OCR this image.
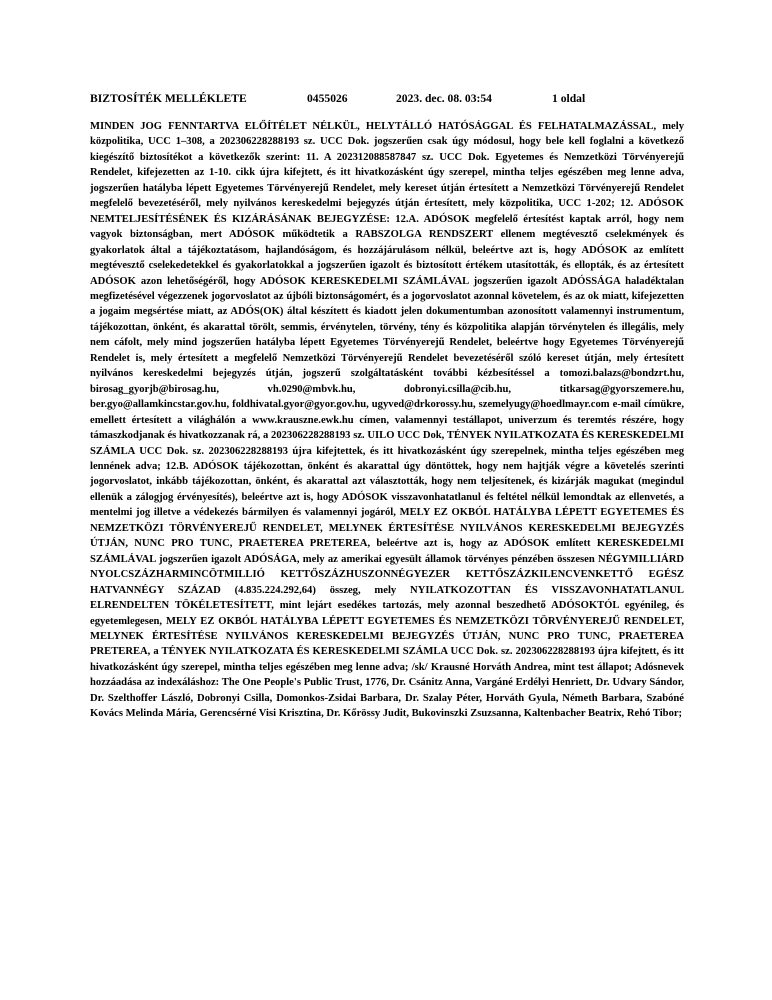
BIZTOSÍTÉK MELLÉKLETE	0455026	2023. dec. 08. 03:54	1 oldal

MINDEN JOG FENNTARTVA ELŐÍTÉLET NÉLKÜL, HELYTÁLLÓ HATÓSÁGGAL ÉS FELHATALMAZÁSSAL, mely közpolitika, UCC 1–308, a 202306228288193 sz. UCC Dok. jogszerűen csak úgy módosul, hogy bele kell foglalni a következő kiegészítő biztosítékot a következők szerint: 11. A 202312088587847 sz. UCC Dok. Egyetemes és Nemzetközi Törvényerejű Rendelet, kifejezetten az 1-10. cikk újra kifejtett, és itt hivatkozásként úgy szerepel, mintha teljes egészében meg lenne adva, jogszerűen hatályba lépett Egyetemes Törvényerejű Rendelet, mely kereset útján értesített a Nemzetközi Törvényerejű Rendelet megfelelő bevezetéséről, mely nyilvános kereskedelmi bejegyzés útján értesített, mely közpolitika, UCC 1-202; 12. ADÓSOK NEMTELJESÍTÉSÉNEK ÉS KIZÁRÁSÁNAK BEJEGYZÉSE: 12.A. ADÓSOK megfelelő értesítést kaptak arról, hogy nem vagyok biztonságban, mert ADÓSOK működtetik a RABSZOLGA RENDSZERT ellenem megtévesztő cselekmények és gyakorlatok által a tájékoztatásom, hajlandóságom, és hozzájárulásom nélkül, beleértve azt is, hogy ADÓSOK az említett megtévesztő cselekedetekkel és gyakorlatokkal a jogszerűen igazolt és biztosított értékem utasították, és ellopták, és az értesített ADÓSOK azon lehetőségéről, hogy ADÓSOK KERESKEDELMI SZÁMLÁVAL jogszerűen igazolt ADÓSSÁGA haladéktalan megfizetésével végezzenek jogorvoslatot az újbóli biztonságomért, és a jogorvoslatot azonnal követelem, és az ok miatt, kifejezetten a jogaim megsértése miatt, az ADÓS(OK) által készített és kiadott jelen dokumentumban azonosított valamennyi instrumentum, tájékozottan, önként, és akarattal törölt, semmis, érvénytelen, törvény, tény és közpolitika alapján törvénytelen és illegális, mely nem cáfolt, mely mind jogszerűen hatályba lépett Egyetemes Törvényerejű Rendelet, beleértve hogy Egyetemes Törvényerejű Rendelet is, mely értesített a megfelelő Nemzetközi Törvényerejű Rendelet bevezetéséről szóló kereset útján, mely értesített nyilvános kereskedelmi bejegyzés útján, jogszerű szolgáltatásként további kézbesítéssel a tomozi.balazs@bondzrt.hu, birosag_gyorjb@birosag.hu, vh.0290@mbvk.hu, dobronyi.csilla@cib.hu, titkarsag@gyorszemere.hu, ber.gyo@allamkincstar.gov.hu, foldhivatal.gyor@gyor.gov.hu, ugyved@drkorossy.hu, szemelyugy@hoedlmayr.com e-mail címükre, emellett értesített a világhálón a www.krauszne.ewk.hu címen, valamennyi testállapot, univerzum és teremtés részére, hogy támaszkodjanak és hivatkozzanak rá, a 202306228288193 sz. UILO UCC Dok, TÉNYEK NYILATKOZATA ÉS KERESKEDELMI SZÁMLA UCC Dok. sz. 202306228288193 újra kifejtettek, és itt hivatkozásként úgy szerepelnek, mintha teljes egészében meg lennének adva; 12.B. ADÓSOK tájékozottan, önként és akarattal úgy döntöttek, hogy nem hajtják végre a követelés szerinti jogorvoslatot, inkább tájékozottan, önként, és akarattal azt választották, hogy nem teljesítenek, és kizárják magukat (megindul ellenük a zálogjog érvényesítés), beleértve azt is, hogy ADÓSOK visszavonhatatlanul és feltétel nélkül lemondtak az ellenvetés, a mentelmi jog illetve a védekezés bármilyen és valamennyi jogáról, MELY EZ OKBÓL HATÁLYBA LÉPETT EGYETEMES ÉS NEMZETKÖZI TÖRVÉNYEREJŰ RENDELET, MELYNEK ÉRTESÍTÉSE NYILVÁNOS KERESKEDELMI BEJEGYZÉS ÚTJÁN, NUNC PRO TUNC, PRAETEREA PRETEREA, beleértve azt is, hogy az ADÓSOK említett KERESKEDELMI SZÁMLÁVAL jogszerűen igazolt ADÓSÁGA, mely az amerikai egyesült államok törvényes pénzében összesen NÉGYMILLIÁRD NYOLCSZÁZHARMINCÖTMILLIÓ KETTŐSZÁZHUSZONNÉGYEZER KETTŐSZÁZKILENCVENKETTŐ EGÉSZ HATVANNÉGY SZÁZAD (4.835.224.292,64) összeg, mely NYILATKOZOTTAN ÉS VISSZAVONHATATLANUL ELRENDELTEN TÖKÉLETESÍTETT, mint lejárt esedékes tartozás, mely azonnal beszedhető ADÓSOKTÓL egyénileg, és egyetemlegesen, MELY EZ OKBÓL HATÁLYBA LÉPETT EGYETEMES ÉS NEMZETKÖZI TÖRVÉNYEREJŰ RENDELET, MELYNEK ÉRTESÍTÉSE NYILVÁNOS KERESKEDELMI BEJEGYZÉS ÚTJÁN, NUNC PRO TUNC, PRAETEREA PRETEREA, a TÉNYEK NYILATKOZATA ÉS KERESKEDELMI SZÁMLA UCC Dok. sz. 202306228288193 újra kifejtett, és itt hivatkozásként úgy szerepel, mintha teljes egészében meg lenne adva; /sk/ Krausné Horváth Andrea, mint test állapot; Adósnevek hozzáadása az indexáláshoz: The One People's Public Trust, 1776, Dr. Csánitz Anna, Vargáné Erdélyi Henriett, Dr. Udvary Sándor, Dr. Szelthoffer László, Dobronyi Csilla, Domonkos-Zsidai Barbara, Dr. Szalay Péter, Horváth Gyula, Németh Barbara, Szabóné Kovács Melinda Mária, Gerencsérné Visi Krisztina, Dr. Kőrössy Judit, Bukovinszki Zsuzsanna, Kaltenbacher Beatrix, Rehó Tibor;
